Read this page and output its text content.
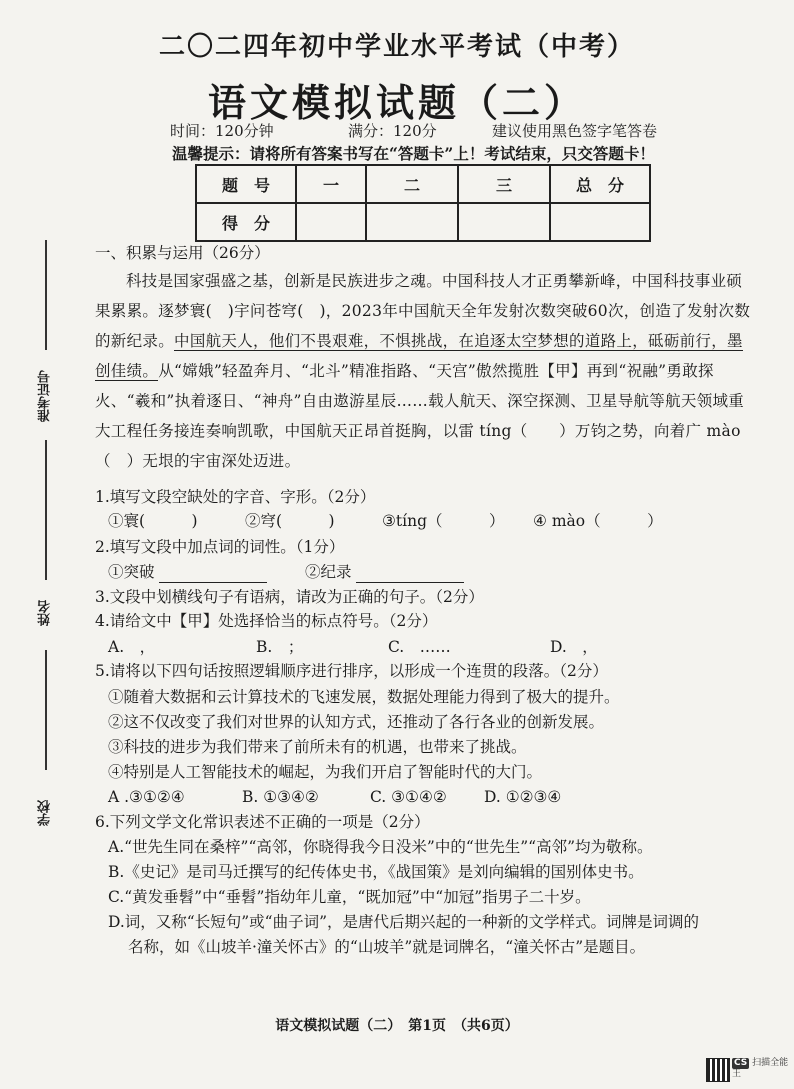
二〇二四年初中学业水平考试（中考）
语文模拟试题（二）
时间：120分钟	满分：120分	建议使用黑色签字笔答卷
温馨提示：请将所有答案书写在“答题卡”上！考试结束，只交答题卡！
题　号	一	二	三	总　分
得　分				
准考证号
姓名
学校
一、积累与运用（26分）
科技是国家强盛之基，创新是民族进步之魂。中国科技人才正勇攀新峰，中国科技事业硕果累累。逐梦寰(　)宇问苍穹(　)，2023年中国航天全年发射次数突破60次，创造了发射次数的新纪录。中国航天人，他们不畏艰难，不惧挑战，在追逐太空梦想的道路上，砥砺前行，墨创佳绩。从“嫦娥”轻盈奔月、“北斗”精准指路、“天宫”傲然揽胜【甲】再到“祝融”勇敢探火、“羲和”执着逐日、“神舟”自由遨游星辰……载人航天、深空探测、卫星导航等航天领域重大工程任务接连奏响凯歌，中国航天正昂首挺胸，以雷 tíng（　　）万钧之势，向着广 mào（　）无垠的宇宙深处迈进。
1.填写文段空缺处的字音、字形。（2分）
①寰(　　　)	②穹(　　　)	③tíng（　　　） ④ mào（　　　）
2.填写文段中加点词的词性。（1分）
①突破	②纪录
3.文段中划横线句子有语病，请改为正确的句子。（2分）
4.请给文中【甲】处选择恰当的标点符号。（2分）
A.　，	B.　；	C.　……	D.　，
5.请将以下四句话按照逻辑顺序进行排序，以形成一个连贯的段落。（2分）
①随着大数据和云计算技术的飞速发展，数据处理能力得到了极大的提升。
②这不仅改变了我们对世界的认知方式，还推动了各行各业的创新发展。
③科技的进步为我们带来了前所未有的机遇，也带来了挑战。
④特别是人工智能技术的崛起，为我们开启了智能时代的大门。
A .③①②④	B. ①③④②	C. ③①④② D. ①②③④
6.下列文学文化常识表述不正确的一项是（2分）
A.“世先生同在桑梓”“高邻，你晓得我今日没米”中的“世先生”“高邻”均为敬称。
B.《史记》是司马迁撰写的纪传体史书，《战国策》是刘向编辑的国别体史书。
C.“黄发垂髫”中“垂髫”指幼年儿童，“既加冠”中“加冠”指男子二十岁。
D.词，又称“长短句”或“曲子词”，是唐代后期兴起的一种新的文学样式。词牌是词调的
名称，如《山坡羊·潼关怀古》的“山坡羊”就是词牌名，“潼关怀古”是题目。
语文模拟试题（二）　第1页　（共6页）
CS 扫描全能王
